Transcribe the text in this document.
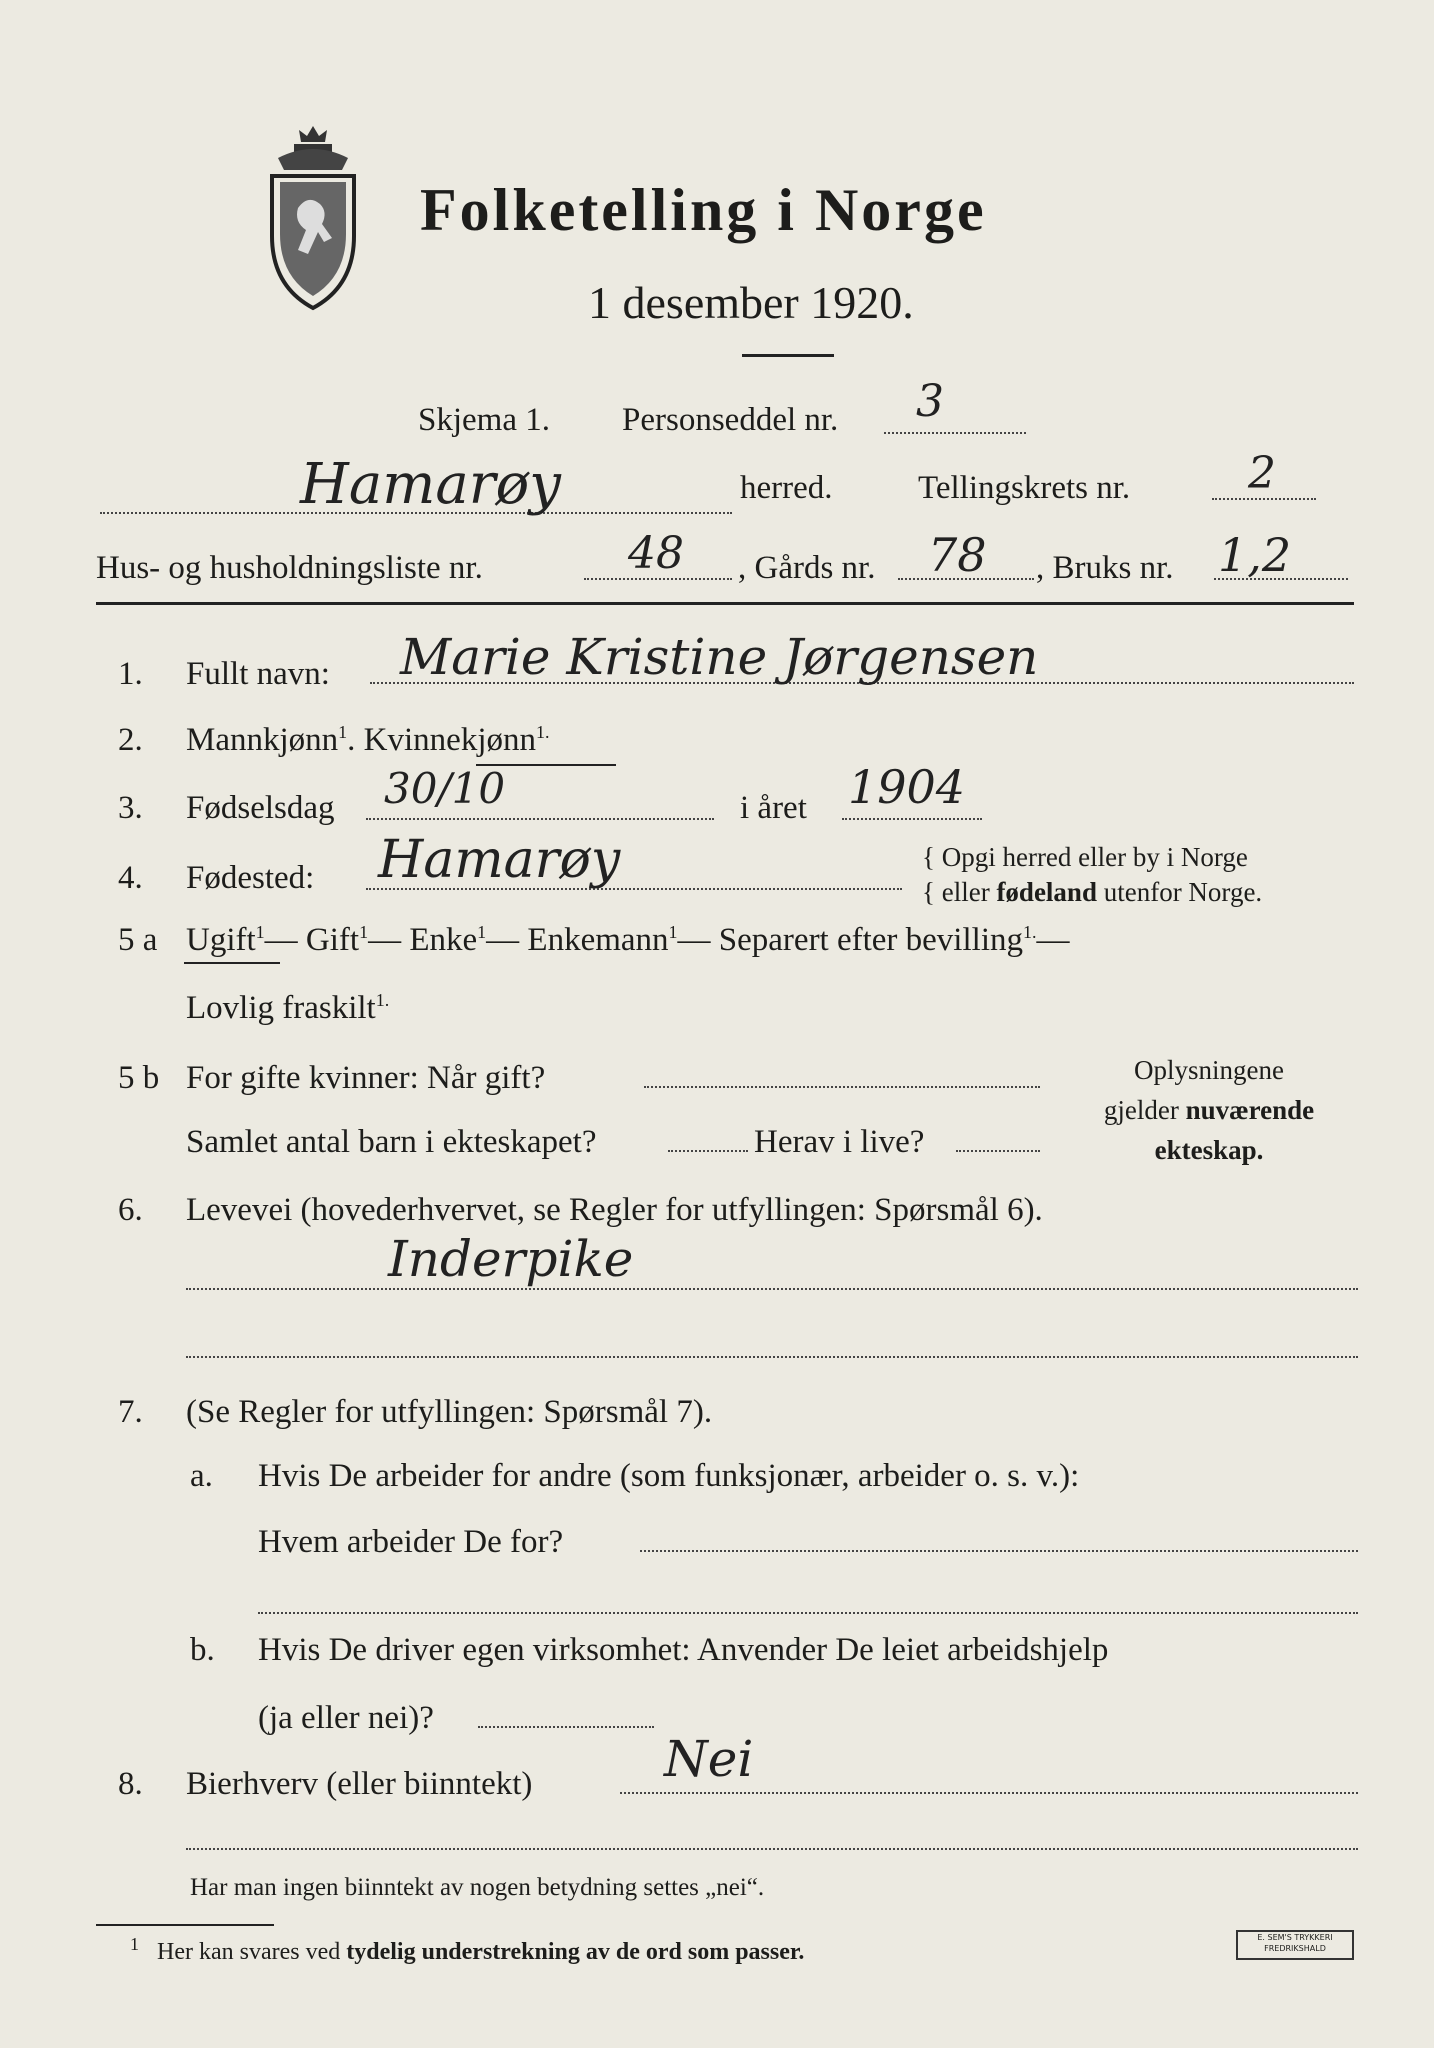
Folketelling i Norge
1 desember 1920.
Skjema 1. Personseddel nr. 3
Hamarøy	herred.	Tellingskrets nr.	2
Hus- og husholdningsliste nr.	48 , Gårds nr. 78 , Bruks nr. 1,2
1. Fullt navn: Marie Kristine Jørgensen
2. Mannkjønn$^1$. Kvinnekjønn$^{1.}$
3. Fødselsdag 30/10	i året 1904
4. Fødested: Hamarøy	{ Opgi herred eller by i Norge
{ eller fødeland utenfor Norge.
5 a Ugift$^1$— Gift$^1$— Enke$^1$— Enkemann$^1$— Separert efter bevilling$^{1.}$—
Lovlig fraskilt$^{1.}$
5 b For gifte kvinner: Når gift?
Samlet antal barn i ekteskapet?	Herav i live?
Oplysningene
gjelder nuværende
ekteskap.
6. Levevei (hovederhvervet, se Regler for utfyllingen: Spørsmål 6).
Inderpike
7. (Se Regler for utfyllingen: Spørsmål 7).
a. Hvis De arbeider for andre (som funksjonær, arbeider o. s. v.):
Hvem arbeider De for?
b. Hvis De driver egen virksomhet: Anvender De leiet arbeidshjelp
(ja eller nei)?
8. Bierhverv (eller biinntekt)	Nei
Har man ingen biinntekt av nogen betydning settes „nei“.
$^1$ Her kan svares ved tydelig understrekning av de ord som passer.
E. SEM'S TRYKKERI
FREDRIKSHALD
